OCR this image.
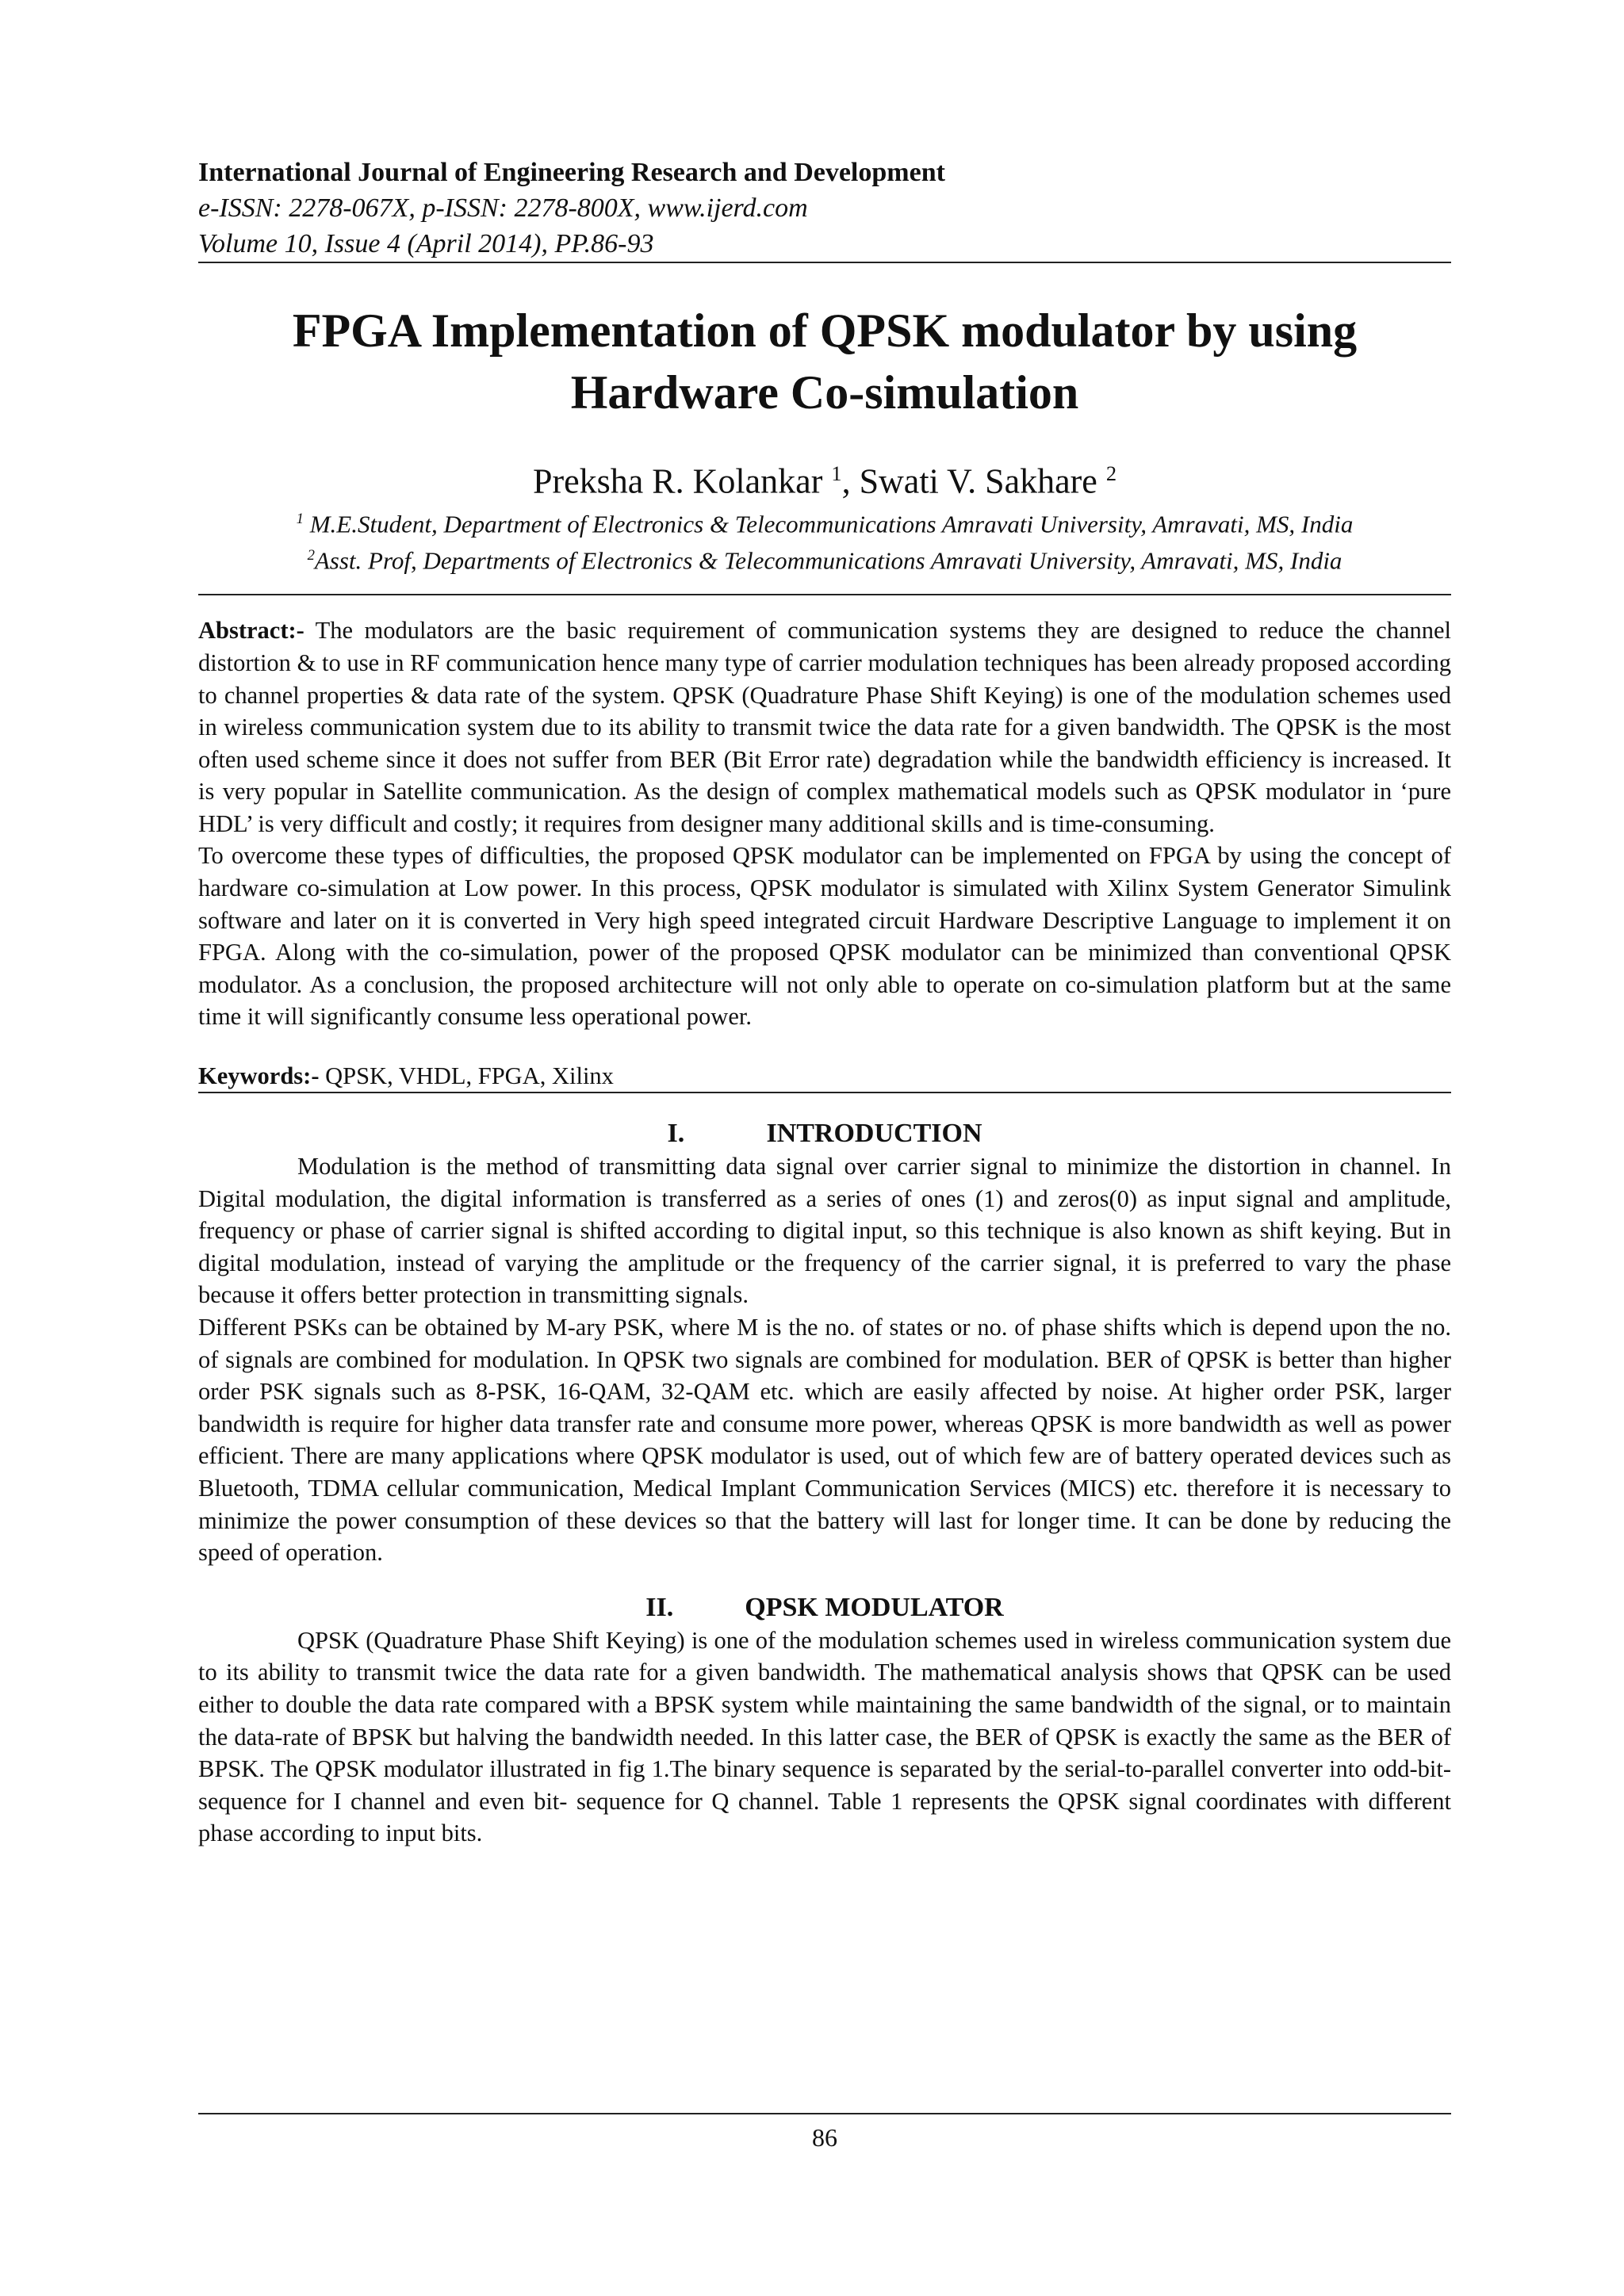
International Journal of Engineering Research and Development
e-ISSN: 2278-067X, p-ISSN: 2278-800X, www.ijerd.com
Volume 10, Issue 4 (April 2014), PP.86-93
FPGA Implementation of QPSK modulator by using
Hardware Co-simulation
Preksha R. Kolankar $^1$, Swati V. Sakhare $^2$
$^1$ M.E.Student, Department of Electronics & Telecommunications Amravati University, Amravati, MS, India
$^2$Asst. Prof, Departments of Electronics & Telecommunications Amravati University, Amravati, MS, India

Abstract:- The modulators are the basic requirement of communication systems they are designed to reduce the channel distortion & to use in RF communication hence many type of carrier modulation techniques has been already proposed according to channel properties & data rate of the system. QPSK (Quadrature Phase Shift Keying) is one of the modulation schemes used in wireless communication system due to its ability to transmit twice the data rate for a given bandwidth. The QPSK is the most often used scheme since it does not suffer from BER (Bit Error rate) degradation while the bandwidth efficiency is increased. It is very popular in Satellite communication. As the design of complex mathematical models such as QPSK modulator in ‘pure HDL’ is very difficult and costly; it requires from designer many additional skills and is time-consuming.

To overcome these types of difficulties, the proposed QPSK modulator can be implemented on FPGA by using the concept of hardware co-simulation at Low power. In this process, QPSK modulator is simulated with Xilinx System Generator Simulink software and later on it is converted in Very high speed integrated circuit Hardware Descriptive Language to implement it on FPGA. Along with the co-simulation, power of the proposed QPSK modulator can be minimized than conventional QPSK modulator. As a conclusion, the proposed architecture will not only able to operate on co-simulation platform but at the same time it will significantly consume less operational power.

Keywords:- QPSK, VHDL, FPGA, Xilinx
I.	INTRODUCTION

Modulation is the method of transmitting data signal over carrier signal to minimize the distortion in channel. In Digital modulation, the digital information is transferred as a series of ones (1) and zeros(0) as input signal and amplitude, frequency or phase of carrier signal is shifted according to digital input, so this technique is also known as shift keying. But in digital modulation, instead of varying the amplitude or the frequency of the carrier signal, it is preferred to vary the phase because it offers better protection in transmitting signals.

Different PSKs can be obtained by M-ary PSK, where M is the no. of states or no. of phase shifts which is depend upon the no. of signals are combined for modulation. In QPSK two signals are combined for modulation. BER of QPSK is better than higher order PSK signals such as 8-PSK, 16-QAM, 32-QAM etc. which are easily affected by noise. At higher order PSK, larger bandwidth is require for higher data transfer rate and consume more power, whereas QPSK is more bandwidth as well as power efficient. There are many applications where QPSK modulator is used, out of which few are of battery operated devices such as Bluetooth, TDMA cellular communication, Medical Implant Communication Services (MICS) etc. therefore it is necessary to minimize the power consumption of these devices so that the battery will last for longer time. It can be done by reducing the speed of operation.

II.	QPSK MODULATOR

QPSK (Quadrature Phase Shift Keying) is one of the modulation schemes used in wireless communication system due to its ability to transmit twice the data rate for a given bandwidth. The mathematical analysis shows that QPSK can be used either to double the data rate compared with a BPSK system while maintaining the same bandwidth of the signal, or to maintain the data-rate of BPSK but halving the bandwidth needed. In this latter case, the BER of QPSK is exactly the same as the BER of BPSK. The QPSK modulator illustrated in fig 1.The binary sequence is separated by the serial-to-parallel converter into odd-bit-sequence for I channel and even bit- sequence for Q channel. Table 1 represents the QPSK signal coordinates with different phase according to input bits.

86
